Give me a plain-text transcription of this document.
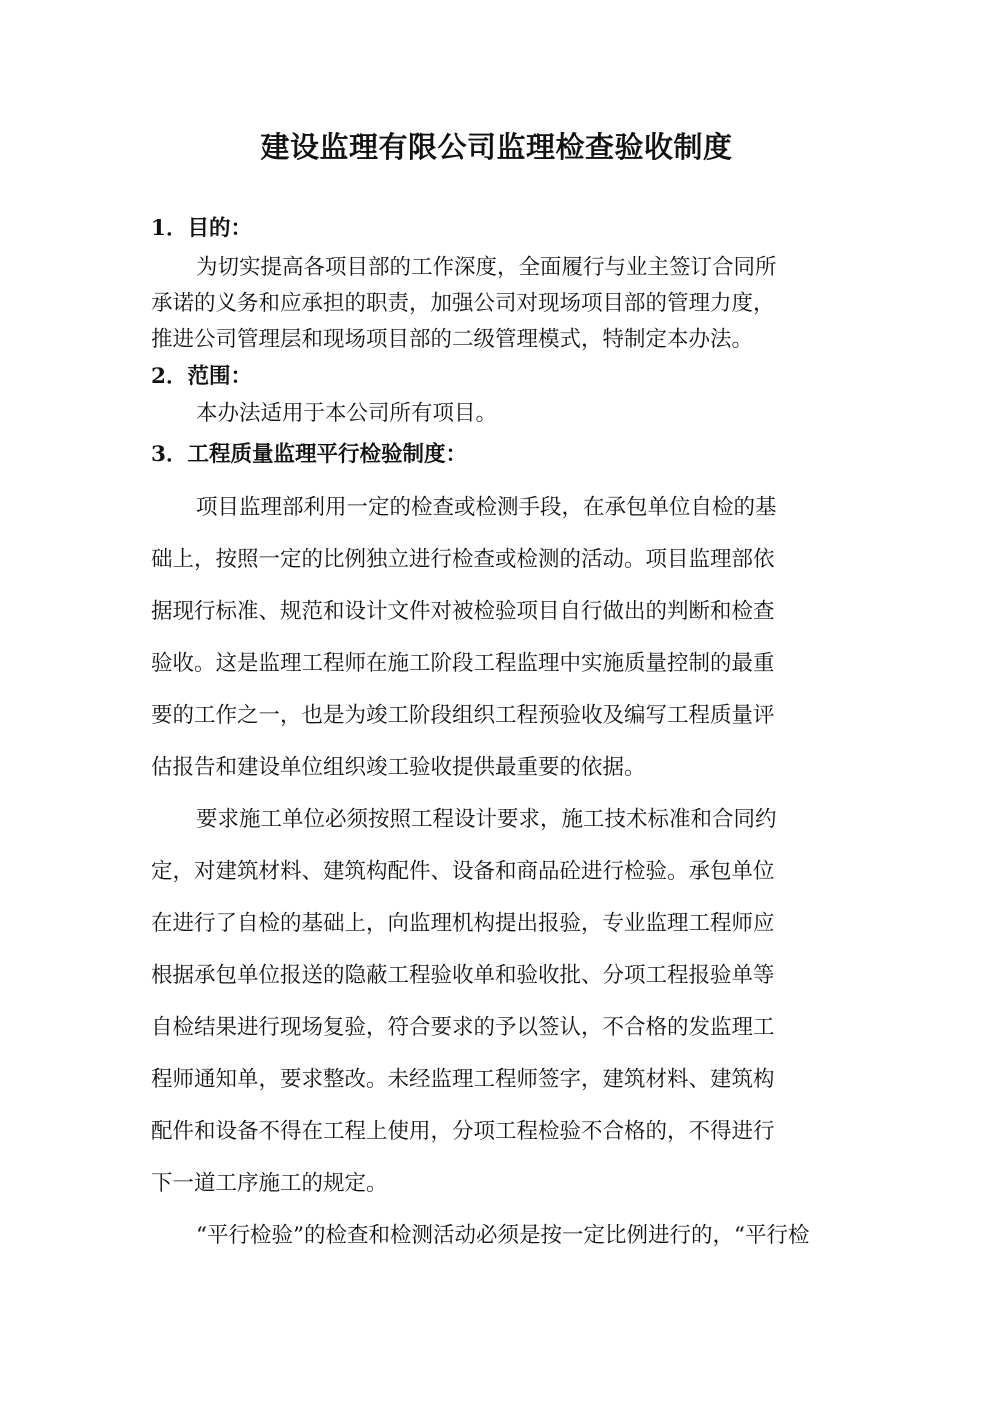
建设监理有限公司监理检查验收制度
1．目的：
为切实提高各项目部的工作深度，全面履行与业主签订合同所
承诺的义务和应承担的职责，加强公司对现场项目部的管理力度，
推进公司管理层和现场项目部的二级管理模式，特制定本办法。
2．范围：
本办法适用于本公司所有项目。
3．工程质量监理平行检验制度：
项目监理部利用一定的检查或检测手段，在承包单位自检的基
础上，按照一定的比例独立进行检查或检测的活动。项目监理部依
据现行标准、规范和设计文件对被检验项目自行做出的判断和检查
验收。这是监理工程师在施工阶段工程监理中实施质量控制的最重
要的工作之一，也是为竣工阶段组织工程预验收及编写工程质量评
估报告和建设单位组织竣工验收提供最重要的依据。
要求施工单位必须按照工程设计要求，施工技术标准和合同约
定，对建筑材料、建筑构配件、设备和商品砼进行检验。承包单位
在进行了自检的基础上，向监理机构提出报验，专业监理工程师应
根据承包单位报送的隐蔽工程验收单和验收批、分项工程报验单等
自检结果进行现场复验，符合要求的予以签认，不合格的发监理工
程师通知单，要求整改。未经监理工程师签字，建筑材料、建筑构
配件和设备不得在工程上使用，分项工程检验不合格的，不得进行
下一道工序施工的规定。
“平行检验”的检查和检测活动必须是按一定比例进行的，“平行检
